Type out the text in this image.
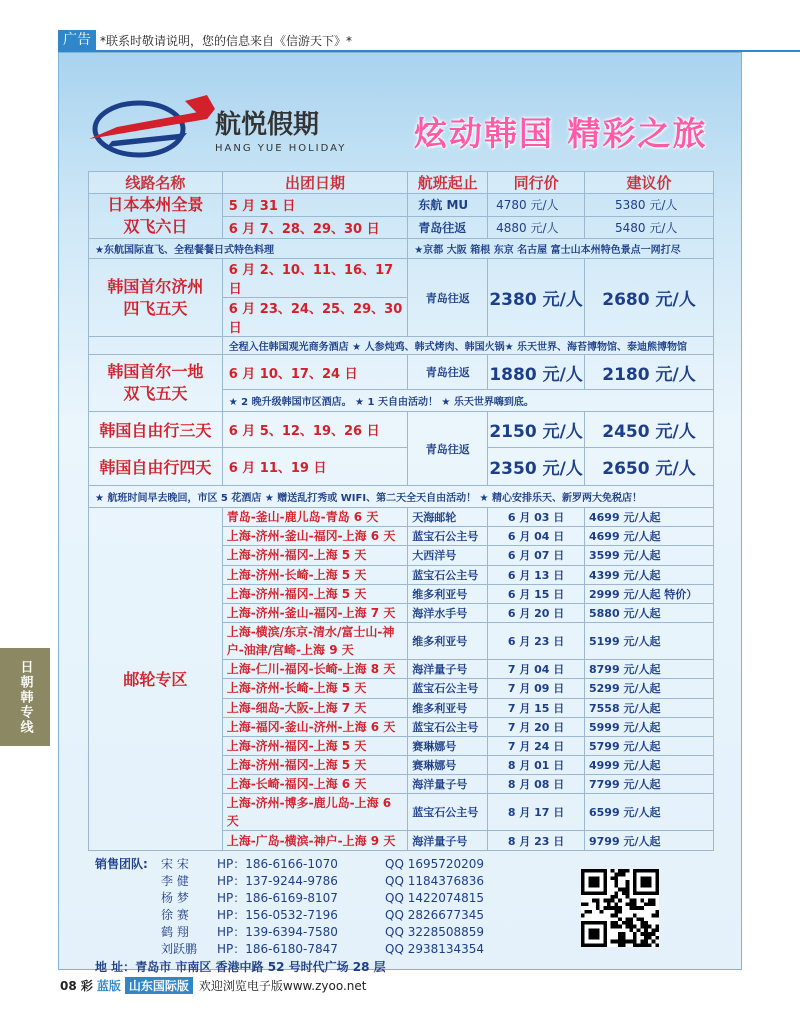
广告 *联系时敬请说明，您的信息来自《信游天下》*
航悦假期
HANG YUE HOLIDAY 炫动韩国 精彩之旅
线路名称	出团日期	航班起止	同行价	建议价

日本本州全景
双飞六日	5 月 31 日	东航 MU	4780 元/人	5380 元/人
	6 月 7、28、29、30 日	青岛往返	4880 元/人	5480 元/人
★东航国际直飞、全程餐餐日式特色料理		★京都 大阪 箱根 东京 名古屋 富士山本州特色景点一网打尽		

韩国首尔济州
四飞五天	6 月 2、10、11、16、17 日	青岛往返	2380 元/人	2680 元/人
	6 月 23、24、25、29、30 日			
	全程入住韩国观光商务酒店 ★ 人参炖鸡、韩式烤肉、韩国火锅★ 乐天世界、海苔博物馆、泰迪熊博物馆			

韩国首尔一地
双飞五天	6 月 10、17、24 日	青岛往返	1880 元/人	2180 元/人
	★ 2 晚升级韩国市区酒店。 ★ 1 天自由活动！ ★ 乐天世界嗨到底。			
韩国自由行三天	6 月 5、12、19、26 日	青岛往返	2150 元/人	2450 元/人
韩国自由行四天	6 月 11、19 日		2350 元/人	2650 元/人
★ 航班时间早去晚回，市区 5 花酒店 ★ 赠送乱打秀或 WIFI、第二天全天自由活动！ ★ 精心安排乐天、新罗两大免税店！				
邮轮专区	青岛-釜山-鹿儿岛-青岛 6 天	天海邮轮	6 月 03 日	4699 元/人起
	上海-济州-釜山-福冈-上海 6 天	蓝宝石公主号	6 月 04 日	4699 元/人起
	上海-济州-福冈-上海 5 天	大西洋号	6 月 07 日	3599 元/人起
	上海-济州-长崎-上海 5 天	蓝宝石公主号	6 月 13 日	4399 元/人起
	上海-济州-福冈-上海 5 天	维多利亚号	6 月 15 日	2999 元/人起 特价）
	上海-济州-釜山-福冈-上海 7 天	海洋水手号	6 月 20 日	5880 元/人起
	上海-横滨/东京-清水/富士山-神户-油津/宫崎-上海 9 天	维多利亚号	6 月 23 日	5199 元/人起
	上海-仁川-福冈-长崎-上海 8 天	海洋量子号	7 月 04 日	8799 元/人起
	上海-济州-长崎-上海 5 天	蓝宝石公主号	7 月 09 日	5299 元/人起
	上海-细岛-大阪-上海 7 天	维多利亚号	7 月 15 日	7558 元/人起
	上海-福冈-釜山-济州-上海 6 天	蓝宝石公主号	7 月 20 日	5999 元/人起
	上海-济州-福冈-上海 5 天	赛琳娜号	7 月 24 日	5799 元/人起
	上海-济州-福冈-上海 5 天	赛琳娜号	8 月 01 日	4999 元/人起
	上海-长崎-福冈-上海 6 天	海洋量子号	8 月 08 日	7799 元/人起
	上海-济州-博多-鹿儿岛-上海 6 天	蓝宝石公主号	8 月 17 日	6599 元/人起
	上海-广岛-横滨-神户-上海 9 天	海洋量子号	8 月 23 日	9799 元/人起
销售团队: 宋 宋 HP：186-6166-1070	QQ 1695720209
李 健 HP：137-9244-9786	QQ 1184376836
杨 梦 HP：186-6169-8107	QQ 1422074815
徐 赛 HP：156-0532-7196	QQ 2826677345
鹤 翔 HP：139-6394-7580	QQ 3228508859
刘跃鹏 HP：186-6180-7847	QQ 2938134354
地 址：青岛市 市南区 香港中路 52 号时代广场 28 层
日朝韩专线
08 彩 蓝版 山东国际版 欢迎浏览电子版www.zyoo.net
